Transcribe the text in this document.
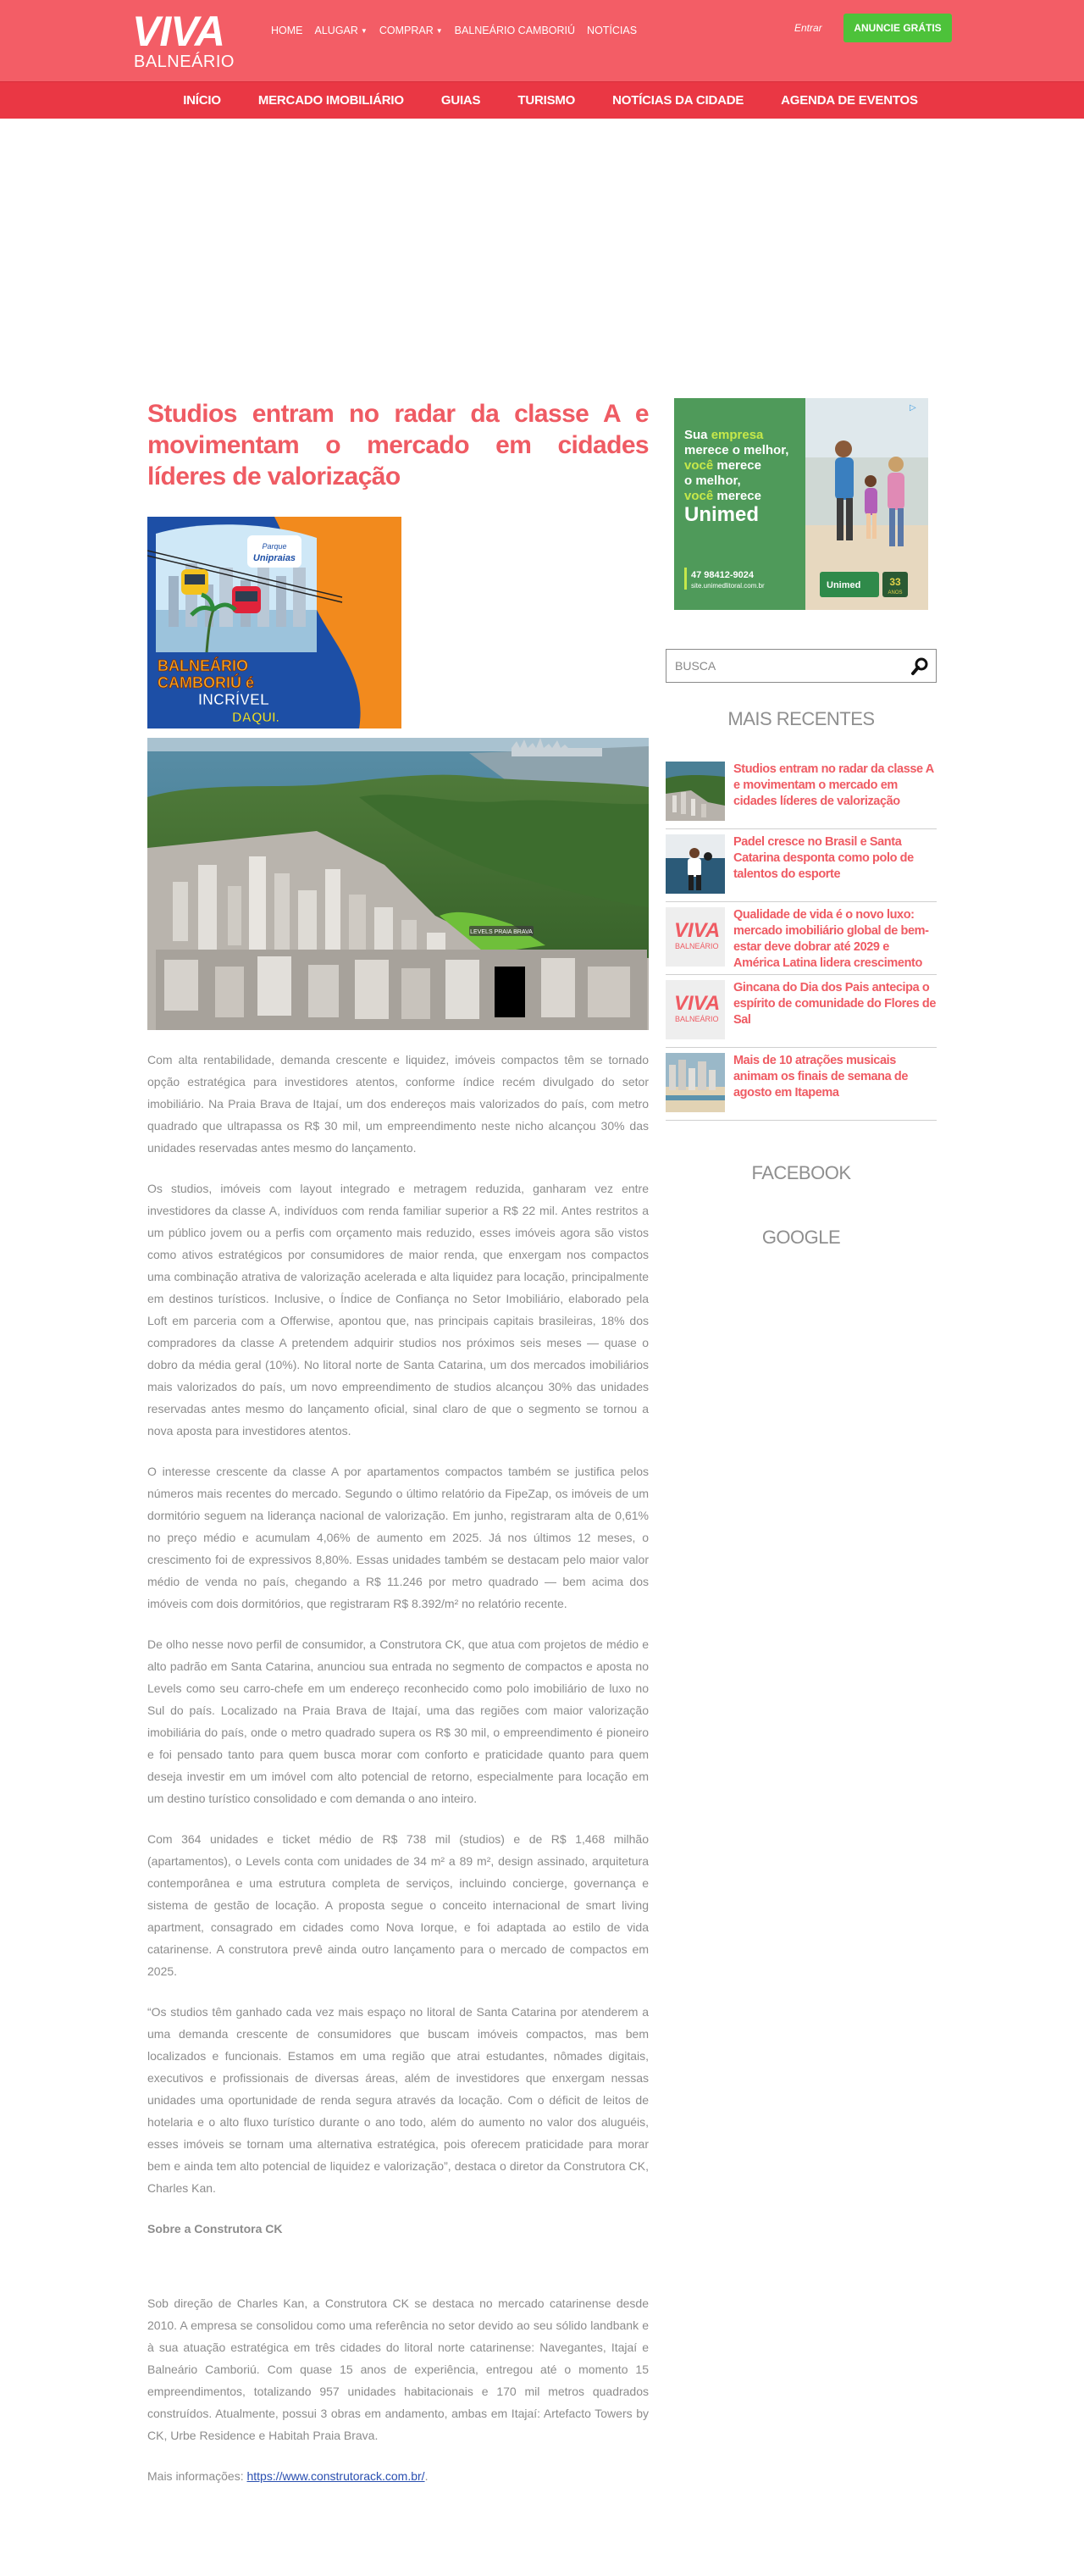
VIVA
BALNEÁRIO
HOME ALUGAR ▼ COMPRAR ▼ BALNEÁRIO CAMBORIÚ NOTÍCIAS	Entrar	ANUNCIE GRÁTIS
INÍCIO	MERCADO IMOBILIÁRIO	GUIAS	TURISMO	NOTÍCIAS DA CIDADE	AGENDA DE EVENTOS
Studios entram no radar da classe A e movimentam o mercado em cidades líderes de valorização
Parque
Unipraias
BALNEÁRIO
CAMBORIÚ é
INCRÍVEL
DAQUI.
LEVELS PRAIA BRAVA

Com alta rentabilidade, demanda crescente e liquidez, imóveis compactos têm se tornado opção estratégica para investidores atentos, conforme índice recém divulgado do setor imobiliário. Na Praia Brava de Itajaí, um dos endereços mais valorizados do país, com metro quadrado que ultrapassa os R$ 30 mil, um empreendimento neste nicho alcançou 30% das unidades reservadas antes mesmo do lançamento.

Os studios, imóveis com layout integrado e metragem reduzida, ganharam vez entre investidores da classe A, indivíduos com renda familiar superior a R$ 22 mil. Antes restritos a um público jovem ou a perfis com orçamento mais reduzido, esses imóveis agora são vistos como ativos estratégicos por consumidores de maior renda, que enxergam nos compactos uma combinação atrativa de valorização acelerada e alta liquidez para locação, principalmente em destinos turísticos. Inclusive, o Índice de Confiança no Setor Imobiliário, elaborado pela Loft em parceria com a Offerwise, apontou que, nas principais capitais brasileiras, 18% dos compradores da classe A pretendem adquirir studios nos próximos seis meses — quase o dobro da média geral (10%). No litoral norte de Santa Catarina, um dos mercados imobiliários mais valorizados do país, um novo empreendimento de studios alcançou 30% das unidades reservadas antes mesmo do lançamento oficial, sinal claro de que o segmento se tornou a nova aposta para investidores atentos.

O interesse crescente da classe A por apartamentos compactos também se justifica pelos números mais recentes do mercado. Segundo o último relatório da FipeZap, os imóveis de um dormitório seguem na liderança nacional de valorização. Em junho, registraram alta de 0,61% no preço médio e acumulam 4,06% de aumento em 2025. Já nos últimos 12 meses, o crescimento foi de expressivos 8,80%. Essas unidades também se destacam pelo maior valor médio de venda no país, chegando a R$ 11.246 por metro quadrado — bem acima dos imóveis com dois dormitórios, que registraram R$ 8.392/m² no relatório recente.

De olho nesse novo perfil de consumidor, a Construtora CK, que atua com projetos de médio e alto padrão em Santa Catarina, anunciou sua entrada no segmento de compactos e aposta no Levels como seu carro-chefe em um endereço reconhecido como polo imobiliário de luxo no Sul do país. Localizado na Praia Brava de Itajaí, uma das regiões com maior valorização imobiliária do país, onde o metro quadrado supera os R$ 30 mil, o empreendimento é pioneiro e foi pensado tanto para quem busca morar com conforto e praticidade quanto para quem deseja investir em um imóvel com alto potencial de retorno, especialmente para locação em um destino turístico consolidado e com demanda o ano inteiro.

Com 364 unidades e ticket médio de R$ 738 mil (studios) e de R$ 1,468 milhão (apartamentos), o Levels conta com unidades de 34 m² a 89 m², design assinado, arquitetura contemporânea e uma estrutura completa de serviços, incluindo concierge, governança e sistema de gestão de locação. A proposta segue o conceito internacional de smart living apartment, consagrado em cidades como Nova Iorque, e foi adaptada ao estilo de vida catarinense. A construtora prevê ainda outro lançamento para o mercado de compactos em 2025.

“Os studios têm ganhado cada vez mais espaço no litoral de Santa Catarina por atenderem a uma demanda crescente de consumidores que buscam imóveis compactos, mas bem localizados e funcionais. Estamos em uma região que atrai estudantes, nômades digitais, executivos e profissionais de diversas áreas, além de investidores que enxergam nessas unidades uma oportunidade de renda segura através da locação. Com o déficit de leitos de hotelaria e o alto fluxo turístico durante o ano todo, além do aumento no valor dos aluguéis, esses imóveis se tornam uma alternativa estratégica, pois oferecem praticidade para morar bem e ainda tem alto potencial de liquidez e valorização”, destaca o diretor da Construtora CK, Charles Kan.

Sobre a Construtora CK

Sob direção de Charles Kan, a Construtora CK se destaca no mercado catarinense desde 2010. A empresa se consolidou como uma referência no setor devido ao seu sólido landbank e à sua atuação estratégica em três cidades do litoral norte catarinense: Navegantes, Itajaí e Balneário Camboriú. Com quase 15 anos de experiência, entregou até o momento 15 empreendimentos, totalizando 957 unidades habitacionais e 170 mil metros quadrados construídos. Atualmente, possui 3 obras em andamento, ambas em Itajaí: Artefacto Towers by CK, Urbe Residence e Habitah Praia Brava.

Mais informações: https://www.construtorack.com.br/.

▷
Sua empresa
merece o melhor,
você merece
o melhor,
você merece
Unimed
47 98412-9024
site.unimedlitoral.com.br	Unimed	33
ANOS
BUSCA
MAIS RECENTES
Studios entram no radar da classe A e movimentam o mercado em cidades líderes de valorização
Padel cresce no Brasil e Santa Catarina desponta como polo de talentos do esporte
VIVA
BALNEÁRIO
Qualidade de vida é o novo luxo: mercado imobiliário global de bem-estar deve dobrar até 2029 e América Latina lidera crescimento
VIVA
BALNEÁRIO
Gincana do Dia dos Pais antecipa o espírito de comunidade do Flores de Sal
Mais de 10 atrações musicais animam os finais de semana de agosto em Itapema
FACEBOOK
GOOGLE
